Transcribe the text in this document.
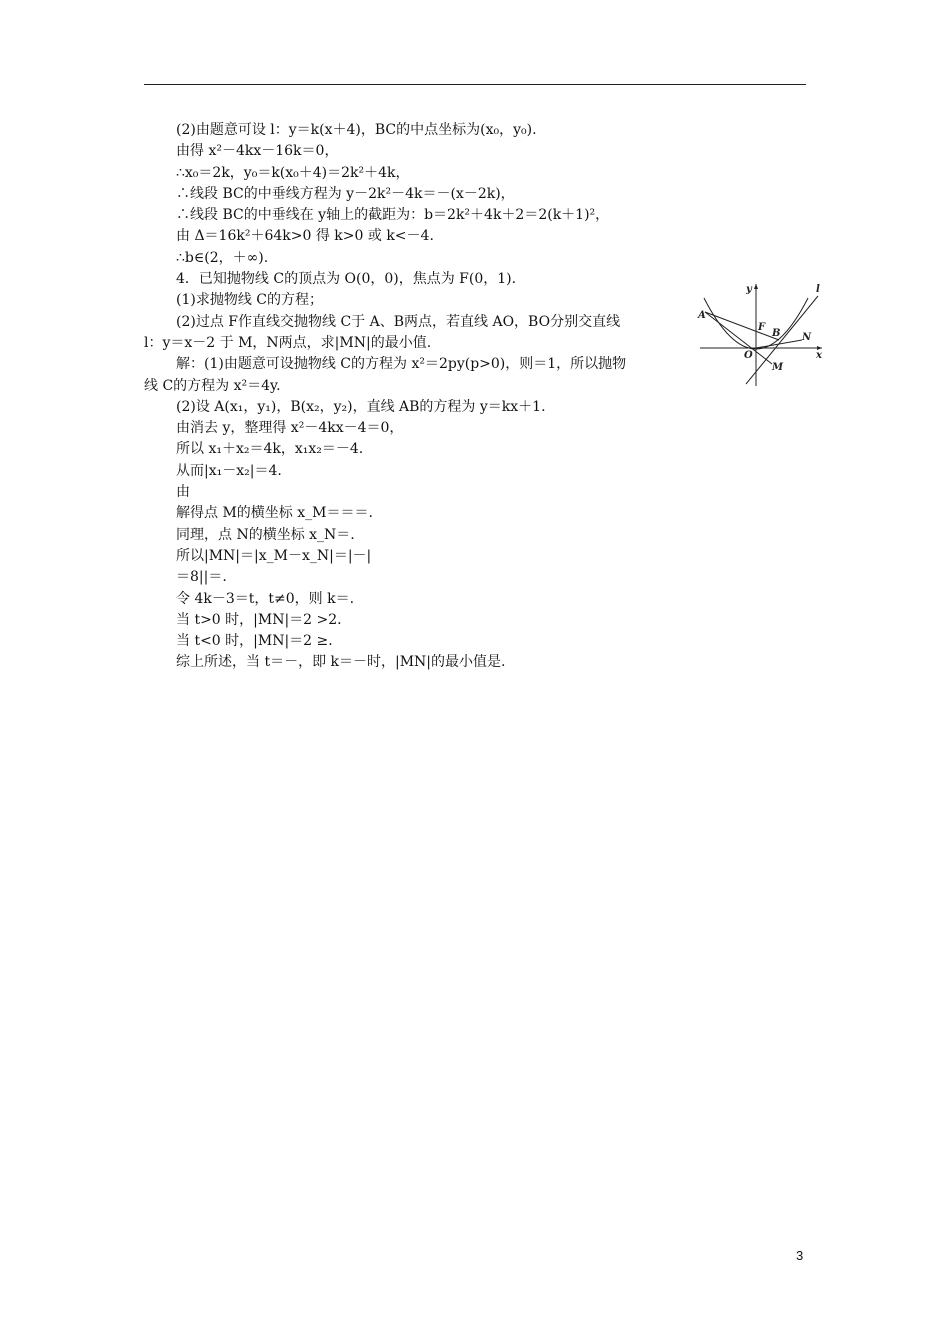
(2)由题意可设 l：y＝k(x＋4)，BC的中点坐标为(x₀，y₀).
由得 x²－4kx－16k＝0，
∴x₀＝2k，y₀＝k(x₀＋4)＝2k²＋4k，
∴线段 BC的中垂线方程为 y－2k²－4k＝－(x－2k)，
∴线段 BC的中垂线在 y轴上的截距为：b＝2k²＋4k＋2＝2(k＋1)²，
由 Δ＝16k²＋64k>0 得 k>0 或 k<－4.
∴b∈(2，＋∞).
4．已知抛物线 C的顶点为 O(0，0)，焦点为 F(0，1).
(1)求抛物线 C的方程；
(2)过点 F作直线交抛物线 C于 A、B两点，若直线 AO，BO分别交直线
l：y＝x－2 于 M，N两点，求|MN|的最小值.
解：(1)由题意可设抛物线 C的方程为 x²＝2py(p>0)，则＝1，所以抛物
线 C的方程为 x²＝4y.
(2)设 A(x₁，y₁)，B(x₂，y₂)，直线 AB的方程为 y＝kx＋1.
由消去 y，整理得 x²－4kx－4＝0，
所以 x₁＋x₂＝4k，x₁x₂＝－4.
从而|x₁－x₂|＝4.
由
解得点 M的横坐标 x_M＝＝＝.
同理，点 N的横坐标 x_N＝.
所以|MN|＝|x_M－x_N|＝|－|
＝8||＝.
令 4k－3＝t，t≠0，则 k＝.
当 t>0 时，|MN|＝2 >2.
当 t<0 时，|MN|＝2 ≥.
综上所述，当 t＝－，即 k＝－时，|MN|的最小值是.
y
x
O
A
F
B N
M
l
3
